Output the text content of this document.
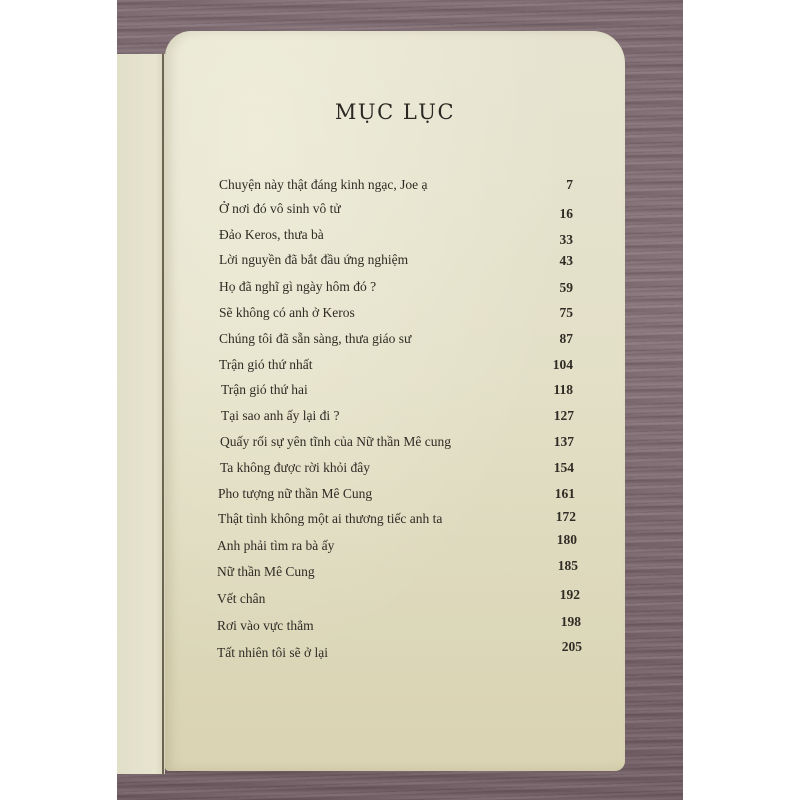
MỤC LỤC
Chuyện này thật đáng kinh ngạc, Joe ạ	7
Ở nơi đó vô sinh vô tử	16
Đảo Keros, thưa bà	33
Lời nguyền đã bắt đầu ứng nghiệm	43
Họ đã nghĩ gì ngày hôm đó ?	59
Sẽ không có anh ở Keros	75
Chúng tôi đã sẵn sàng, thưa giáo sư	87
Trận gió thứ nhất	104
Trận gió thứ hai	118
Tại sao anh ấy lại đi ?	127
Quấy rối sự yên tĩnh của Nữ thần Mê cung	137
Ta không được rời khỏi đây	154
Pho tượng nữ thần Mê Cung	161
Thật tình không một ai thương tiếc anh ta	172
Anh phải tìm ra bà ấy	180
Nữ thần Mê Cung	185
Vết chân	192
Rơi vào vực thẳm	198
Tất nhiên tôi sẽ ở lại	205
